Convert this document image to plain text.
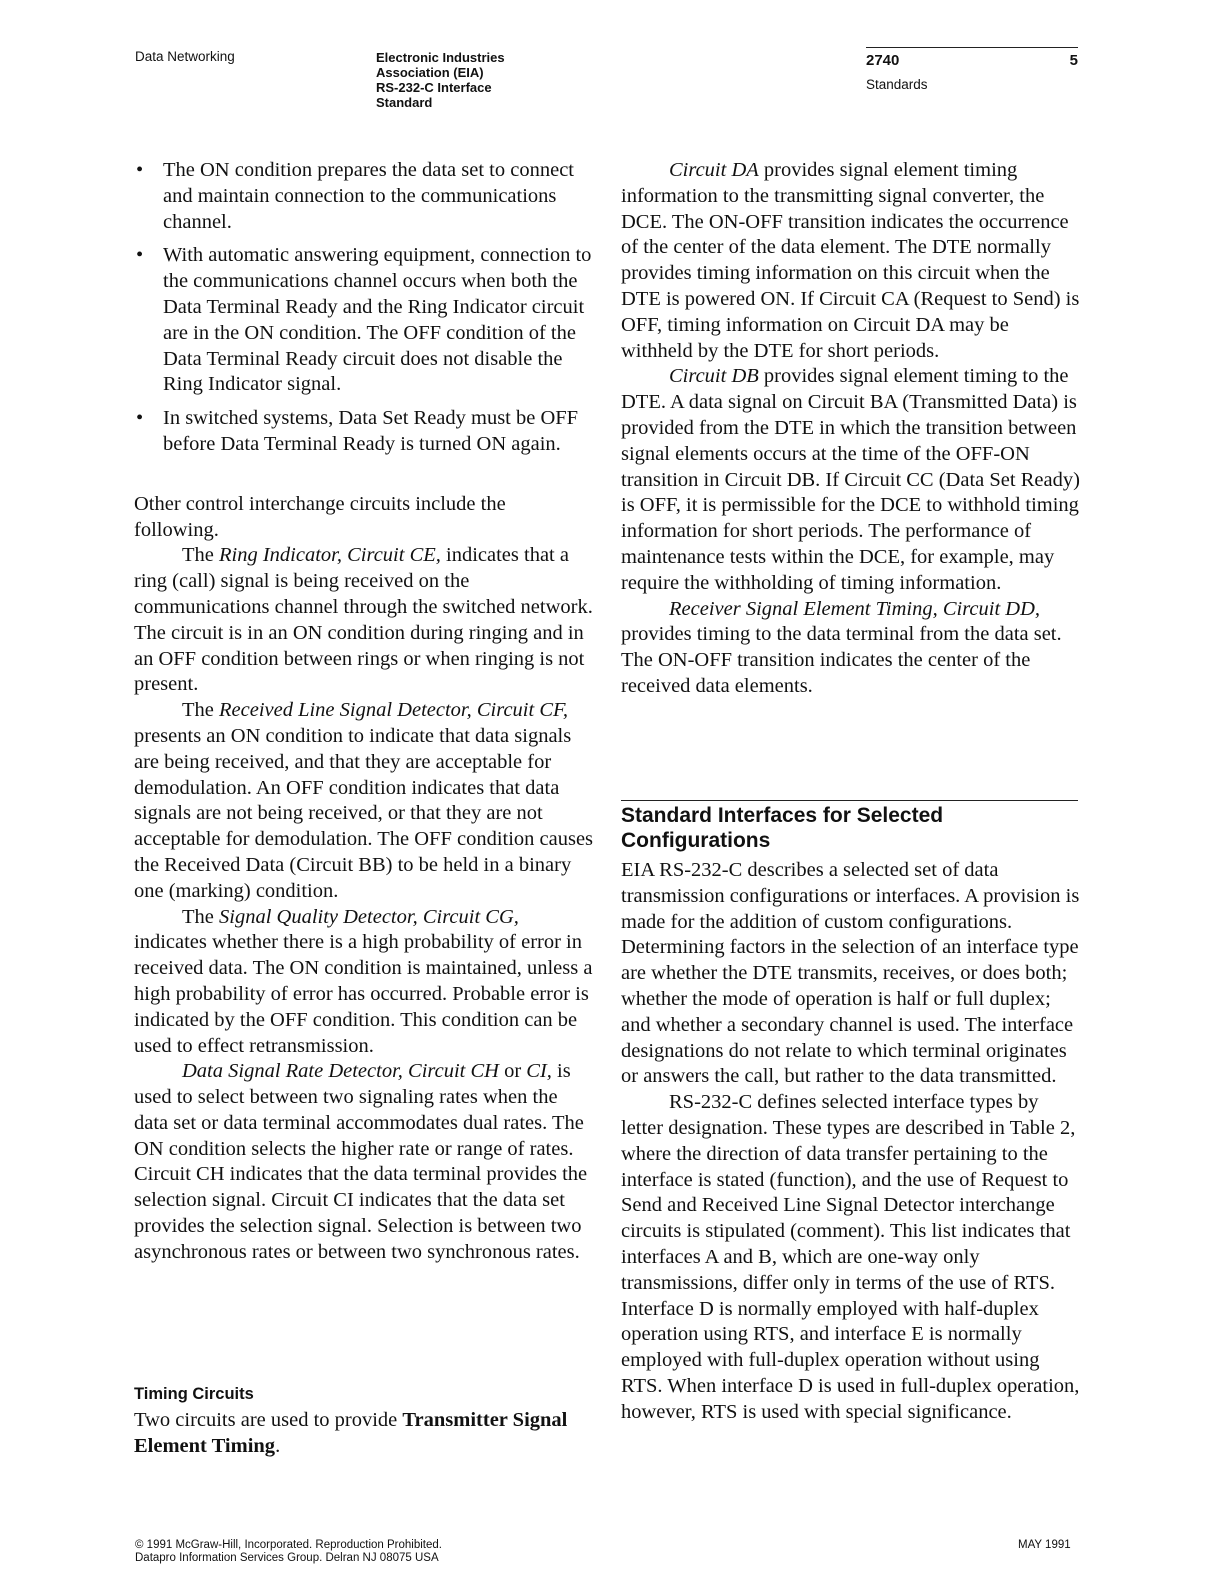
Data Networking	Electronic Industries
Association (EIA)
RS-232-C Interface
Standard
2740	5
Standards
• The ON condition prepares the data set to connect and maintain connection to the communications channel.
• With automatic answering equipment, connection to the communications channel occurs when both the Data Terminal Ready and the Ring Indicator circuit are in the ON condition. The OFF condition of the Data Terminal Ready circuit does not disable the Ring Indicator signal.
• In switched systems, Data Set Ready must be OFF before Data Terminal Ready is turned ON again.

Other control interchange circuits include the following.

The Ring Indicator, Circuit CE, indicates that a ring (call) signal is being received on the communications channel through the switched network. The circuit is in an ON condition during ringing and in an OFF condition between rings or when ringing is not present.

The Received Line Signal Detector, Circuit CF, presents an ON condition to indicate that data signals are being received, and that they are acceptable for demodulation. An OFF condition indicates that data signals are not being received, or that they are not acceptable for demodulation. The OFF condition causes the Received Data (Circuit BB) to be held in a binary one (marking) condition.

The Signal Quality Detector, Circuit CG, indicates whether there is a high probability of error in received data. The ON condition is maintained, unless a high probability of error has occurred. Probable error is indicated by the OFF condition. This condition can be used to effect retransmission.

Data Signal Rate Detector, Circuit CH or CI, is used to select between two signaling rates when the data set or data terminal accommodates dual rates. The ON condition selects the higher rate or range of rates. Circuit CH indicates that the data terminal provides the selection signal. Circuit CI indicates that the data set provides the selection signal. Selection is between two asynchronous rates or between two synchronous rates.

Timing Circuits

Two circuits are used to provide Transmitter Signal Element Timing.

Circuit DA provides signal element timing information to the transmitting signal converter, the DCE. The ON-OFF transition indicates the occurrence of the center of the data element. The DTE normally provides timing information on this circuit when the DTE is powered ON. If Circuit CA (Request to Send) is OFF, timing information on Circuit DA may be withheld by the DTE for short periods.

Circuit DB provides signal element timing to the DTE. A data signal on Circuit BA (Transmitted Data) is provided from the DTE in which the transition between signal elements occurs at the time of the OFF-ON transition in Circuit DB. If Circuit CC (Data Set Ready) is OFF, it is permissible for the DCE to withhold timing information for short periods. The performance of maintenance tests within the DCE, for example, may require the withholding of timing information.

Receiver Signal Element Timing, Circuit DD, provides timing to the data terminal from the data set. The ON-OFF transition indicates the center of the received data elements.

Standard Interfaces for Selected Configurations

EIA RS-232-C describes a selected set of data transmission configurations or interfaces. A provision is made for the addition of custom configurations. Determining factors in the selection of an interface type are whether the DTE transmits, receives, or does both; whether the mode of operation is half or full duplex; and whether a secondary channel is used. The interface designations do not relate to which terminal originates or answers the call, but rather to the data transmitted.

RS-232-C defines selected interface types by letter designation. These types are described in Table 2, where the direction of data transfer pertaining to the interface is stated (function), and the use of Request to Send and Received Line Signal Detector interchange circuits is stipulated (comment). This list indicates that interfaces A and B, which are one-way only transmissions, differ only in terms of the use of RTS. Interface D is normally employed with half-duplex operation using RTS, and interface E is normally employed with full-duplex operation without using RTS. When interface D is used in full-duplex operation, however, RTS is used with special significance.

© 1991 McGraw-Hill, Incorporated. Reproduction Prohibited.
Datapro Information Services Group. Delran NJ 08075 USA
MAY 1991
